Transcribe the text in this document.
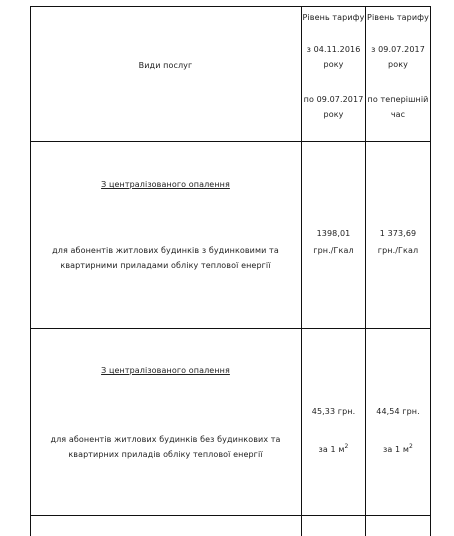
Види послуг
Рівень тарифу
з 04.11.2016
року
по 09.07.2017
року
Рівень тарифу
з 09.07.2017
року
по теперішній
час
З централізованого опалення
для абонентів житлових будинків з будинковими та
квартирними приладами обліку теплової енергії
1398,01
грн./Гкал
1 373,69
грн./Гкал
З централізованого опалення
для абонентів житлових будинків без будинкових та
квартирних приладів обліку теплової енергії
45,33 грн.
за 1 $м^2$
44,54 грн.
за 1 $м^2$
